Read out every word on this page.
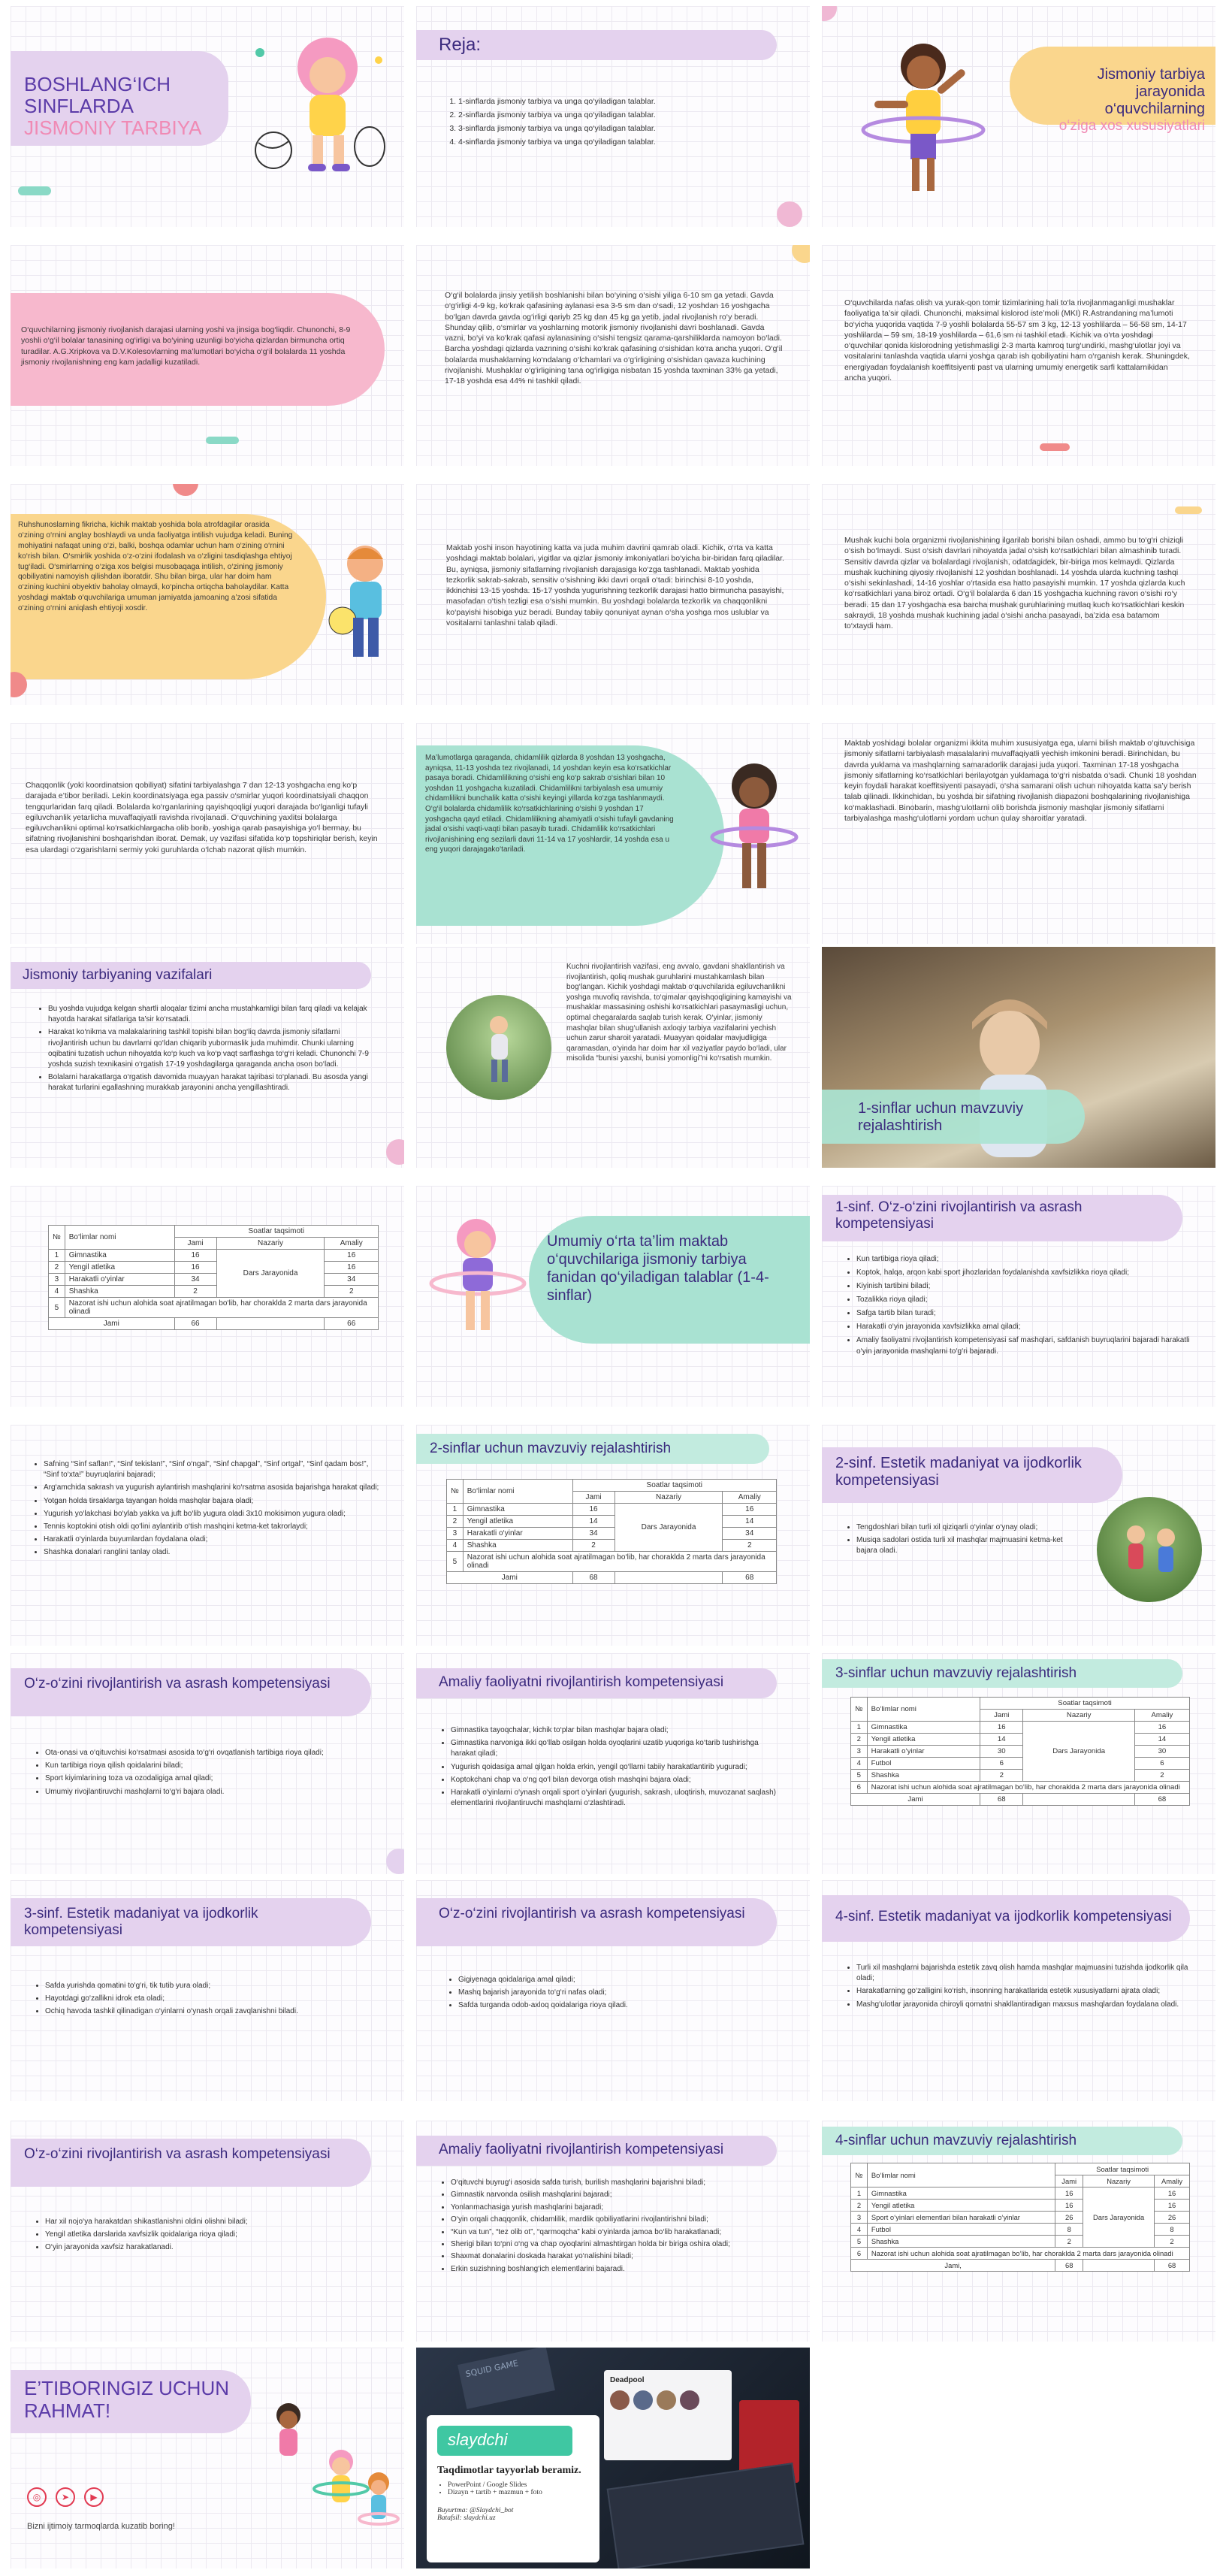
BOSHLANG‘ICH SINFLARDA
JISMONIY TARBIYA
Reja:
1. 1-sinflarda jismoniy tarbiya va unga qo‘yiladigan talablar.
2. 2-sinflarda jismoniy tarbiya va unga qo‘yiladigan talablar.
3. 3-sinflarda jismoniy tarbiya va unga qo‘yiladigan talablar.
4. 4-sinflarda jismoniy tarbiya va unga qo‘yiladigan talablar.
Jismoniy tarbiya jarayonida o‘quvchilarning
o‘ziga xos xususiyatlari
O‘quvchilarning jismoniy rivojlanish darajasi ularning yoshi va jinsiga bog‘liqdir. Chunonchi, 8-9 yoshli o‘g‘il bolalar tanasining og‘irligi va bo‘yining uzunligi bo‘yicha qizlardan birmuncha ortiq turadilar. A.G.Xripkova va D.V.Kolesovlarning ma’lumotlari bo‘yicha o‘g‘il bolalarda 11 yoshda jismoniy rivojlanishning eng kam jadalligi kuzatiladi.
O‘g‘il bolalarda jinsiy yetilish boshlanishi bilan bo‘yining o‘sishi yiliga 6-10 sm ga yetadi. Gavda o‘g‘irligi 4-9 kg, ko‘krak qafasining aylanasi esa 3-5 sm dan o‘sadi, 12 yoshdan 16 yoshgacha bo‘lgan davrda gavda og‘irligi qariyb 25 kg dan 45 kg ga yetib, jadal rivojlanish ro‘y beradi. Shunday qilib, o‘smirlar va yoshlarning motorik jismoniy rivojlanishi davri boshlanadi. Gavda vazni, bo‘yi va ko‘krak qafasi aylanasining o‘sishi tengsiz qarama-qarshiliklarda namoyon bo‘ladi. Barcha yoshdagi qizlarda vaznning o‘sishi ko‘krak qafasining o‘sishidan ko‘ra ancha yuqori. O‘g‘il bolalarda mushaklarning ko‘ndalang o‘lchamlari va o‘g‘irligining o‘sishidan qavaza kuchining rivojlanishi. Mushaklar o‘g‘irligining tana og‘irligiga nisbatan 15 yoshda taxminan 33% ga yetadi, 17-18 yoshda esa 44% ni tashkil qiladi.
O‘quvchilarda nafas olish va yurak-qon tomir tizimlarining hali to‘la rivojlanmaganligi mushaklar faoliyatiga ta’sir qiladi. Chunonchi, maksimal kislorod iste’moli (MKI) R.Astrandaning ma’lumoti bo‘yicha yuqorida vaqtida 7-9 yoshli bolalarda 55-57 sm 3 kg, 12-13 yoshlilarda – 56-58 sm, 14-17 yoshlilarda – 59 sm, 18-19 yoshlilarda – 61,6 sm ni tashkil etadi. Kichik va o‘rta yoshdagi o‘quvchilar qonida kislorodning yetishmasligi 2-3 marta kamroq turg‘undirki, mashg‘ulotlar joyi va vositalarini tanlashda vaqtida ularni yoshga qarab ish qobiliyatini ham o‘rganish kerak. Shuningdek, energiyadan foydalanish koeffitsiyenti past va ularning umumiy energetik sarfi kattalarnikidan ancha yuqori.
Ruhshunoslarning fikricha, kichik maktab yoshida bola atrofdagilar orasida o‘zining o‘rnini anglay boshlaydi va unda faoliyatga intilish vujudga keladi. Buning mohiyatini nafaqat uning o‘zi, balki, boshqa odamlar uchun ham o‘zining o‘rnini ko‘rish bilan. O‘smirlik yoshida o‘z-o‘zini ifodalash va o‘zligini tasdiqlashga ehtiyoj tug‘iladi. O‘smirlarning o‘ziga xos belgisi musobaqaga intilish, o‘zining jismoniy qobiliyatini namoyish qilishdan iboratdir. Shu bilan birga, ular har doim ham o‘zining kuchini obyektiv baholay olmaydi, ko‘pincha ortiqcha baholaydilar. Katta yoshdagi maktab o‘quvchilariga umuman jamiyatda jamoaning a’zosi sifatida o‘zining o‘rnini aniqlash ehtiyoji xosdir.
Maktab yoshi inson hayotining katta va juda muhim davrini qamrab oladi. Kichik, o‘rta va katta yoshdagi maktab bolalari, yigitlar va qizlar jismoniy imkoniyatlari bo‘yicha bir-biridan farq qiladilar. Bu, ayniqsa, jismoniy sifatlarning rivojlanish darajasiga ko‘zga tashlanadi. Maktab yoshida tezkorlik sakrab-sakrab, sensitiv o‘sishning ikki davri orqali o‘tadi: birinchisi 8-10 yoshda, ikkinchisi 13-15 yoshda. 15-17 yoshda yugurishning tezkorlik darajasi hatto birmuncha pasayishi, masofadan o‘tish tezligi esa o‘sishi mumkin. Bu yoshdagi bolalarda tezkorlik va chaqqonlikni ko‘payishi hisobiga yuz beradi. Bunday tabiiy qonuniyat aynan o‘sha yoshga mos uslublar va vositalarni tanlashni talab qiladi.
Mushak kuchi bola organizmi rivojlanishining ilgarilab borishi bilan oshadi, ammo bu to‘g‘ri chiziqli o‘sish bo‘lmaydi. Sust o‘sish davrlari nihoyatda jadal o‘sish ko‘rsatkichlari bilan almashinib turadi. Sensitiv davrda qizlar va bolalardagi rivojlanish, odatdagidek, bir-biriga mos kelmaydi. Qizlarda mushak kuchining qiyosiy rivojlanishi 12 yoshdan boshlanadi. 14 yoshda ularda kuchning tashqi o‘sishi sekinlashadi, 14-16 yoshlar o‘rtasida esa hatto pasayishi mumkin. 17 yoshda qizlarda kuch ko‘rsatkichlari yana biroz ortadi. O‘g‘il bolalarda 6 dan 15 yoshgacha kuchning ravon o‘sishi ro‘y beradi. 15 dan 17 yoshgacha esa barcha mushak guruhlarining mutlaq kuch ko‘rsatkichlari keskin sakraydi, 18 yoshda mushak kuchining jadal o‘sishi ancha pasayadi, ba’zida esa batamom to‘xtaydi ham.
Chaqqonlik (yoki koordinatsion qobiliyat) sifatini tarbiyalashga 7 dan 12-13 yoshgacha eng ko‘p darajada e’tibor beriladi. Lekin koordinatsiyaga ega passiv o‘smirlar yuqori koordinatsiyali chaqqon tengqurlaridan farq qiladi. Bolalarda ko‘rganlarining qayishqoqligi yuqori darajada bo‘lganligi tufayli egiluvchanlik yetarlicha muvaffaqiyatli ravishda rivojlanadi. O‘quvchining yaxlitsi bolalarga egiluvchanlikni optimal ko‘rsatkichlargacha olib borib, yoshiga qarab pasayishiga yo‘l bermay, bu sifatning rivojlanishini boshqarishdan iborat. Demak, uy vazifasi sifatida ko‘p topshiriqlar berish, keyin esa ulardagi o‘zgarishlarni sermiy yoki guruhlarda o‘lchab nazorat qilish mumkin.
Ma’lumotlarga qaraganda, chidamlilik qizlarda 8 yoshdan 13 yoshgacha, ayniqsa, 11-13 yoshda tez rivojlanadi, 14 yoshdan keyin esa ko‘rsatkichlar pasaya boradi. Chidamlilikning o‘sishi eng ko‘p sakrab o‘sishlari bilan 10 yoshdan 11 yoshgacha kuzatiladi. Chidamlilikni tarbiyalash esa umumiy chidamlilikni bunchalik katta o‘sishi keyingi yillarda ko‘zga tashlanmaydi. O‘g‘il bolalarda chidamlilik ko‘rsatkichlarining o‘sishi 9 yoshdan 17 yoshgacha qayd etiladi. Chidamlilikning ahamiyatli o‘sishi tufayli gavdaning jadal o‘sishi vaqti-vaqti bilan pasayib turadi. Chidamlilik ko‘rsatkichlari rivojlanishining eng sezilarli davri 11-14 va 17 yoshlardir, 14 yoshda esa u eng yuqori darajagako‘tariladi.
Maktab yoshidagi bolalar organizmi ikkita muhim xususiyatga ega, ularni bilish maktab o‘qituvchisiga jismoniy sifatlarni tarbiyalash masalalarini muvaffaqiyatli yechish imkonini beradi. Birinchidan, bu davrda yuklama va mashqlarning samaradorlik darajasi juda yuqori. Taxminan 17-18 yoshgacha jismoniy sifatlarning ko‘rsatkichlari berilayotgan yuklamaga to‘g‘ri nisbatda o‘sadi. Chunki 18 yoshdan keyin foydali harakat koeffitsiyenti pasayadi, o‘sha samarani olish uchun nihoyatda katta sa’y berish talab qilinadi. Ikkinchidan, bu yoshda bir sifatning rivojlanish diapazoni boshqalarining rivojlanishiga ko‘maklashadi. Binobarin, mashg‘ulotlarni olib borishda jismoniy mashqlar jismoniy sifatlarni tarbiyalashga mashg‘ulotlarni yordam uchun qulay sharoitlar yaratadi.
Jismoniy tarbiyaning vazifalari
• Bu yoshda vujudga kelgan shartli aloqalar tizimi ancha mustahkamligi bilan farq qiladi va kelajak hayotda harakat sifatlariga ta’sir ko‘rsatadi.
• Harakat ko‘nikma va malakalarining tashkil topishi bilan bog‘liq davrda jismoniy sifatlarni rivojlantirish uchun bu davrlarni qo‘ldan chiqarib yubormaslik juda muhimdir. Chunki ularning oqibatini tuzatish uchun nihoyatda ko‘p kuch va ko‘p vaqt sarflashga to‘g‘ri keladi. Chunonchi 7-9 yoshda suzish texnikasini o‘rgatish 17-19 yoshdagilarga qaraganda ancha oson bo‘ladi.
• Bolalarni harakatlarga o‘rgatish davomida muayyan harakat tajribasi to‘planadi. Bu asosda yangi harakat turlarini egallashning murakkab jarayonini ancha yengillashtiradi.
Kuchni rivojlantirish vazifasi, eng avvalo, gavdani shakllantirish va rivojlantirish, qoliq mushak guruhlarini mustahkamlash bilan bog‘langan. Kichik yoshdagi maktab o‘quvchilarida egiluvchanlikni yoshga muvofiq ravishda, to‘qimalar qayishqoqligining kamayishi va mushaklar massasining oshishi ko‘rsatkichlari pasaymasligi uchun, optimal chegaralarda saqlab turish kerak. O‘yinlar, jismoniy mashqlar bilan shug‘ullanish axloqiy tarbiya vazifalarini yechish uchun zarur sharoit yaratadi. Muayyan qoidalar mavjudligiga qaramasdan, o‘yinda har doim har xil vaziyatlar paydo bo‘ladi, ular misolida “bunisi yaxshi, bunisi yomonligi”ni ko‘rsatish mumkin.
1-sinflar uchun mavzuviy rejalashtirish
№	Bo‘limlar nomi	Soatlar taqsimoti		
		Jami	Nazariy	Amaliy
1	Gimnastika	16	Dars Jarayonida	16
2	Yengil atletika	16		16
3	Harakatli o‘yinlar	34		34
4	Shashka	2		2
5	Nazorat ishi uchun alohida soat ajratilmagan bo‘lib, har choraklda 2 marta dars jarayonida olinadi			
Jami		66		66
Umumiy o‘rta ta’lim maktab o‘quvchilariga jismoniy tarbiya fanidan qo‘yiladigan talablar (1-4-sinflar)
1-sinf. O‘z-o‘zini rivojlantirish va asrash kompetensiyasi
• Kun tartibiga rioya qiladi;
• Koptok, halqa, arqon kabi sport jihozlaridan foydalanishda xavfsizlikka rioya qiladi;
• Kiyinish tartibini biladi;
• Tozalikka rioya qiladi;
• Safga tartib bilan turadi;
• Harakatli o‘yin jarayonida xavfsizlikka amal qiladi;
• Amaliy faoliyatni rivojlantirish kompetensiyasi saf mashqlari, safdanish buyruqlarini bajaradi harakatli o‘yin jarayonida mashqlarni to‘g‘ri bajaradi.
• Safning “Sinf saflan!”, “Sinf tekislan!”, “Sinf o‘ngal”, “Sinf chapgal”, “Sinf ortgal”, “Sinf qadam bos!”, “Sinf to‘xta!” buyruqlarini bajaradi;
• Arg‘amchida sakrash va yugurish aylantirish mashqlarini ko‘rsatma asosida bajarishga harakat qiladi;
• Yotgan holda tirsaklarga tayangan holda mashqlar bajara oladi;
• Yugurish yo‘lakchasi bo‘ylab yakka va juft bo‘lib yugura oladi 3x10 mokisimon yugura oladi;
• Tennis koptokini otish oldi qo‘lini aylantirib o‘tish mashqini ketma-ket takrorlaydi;
• Harakatli o‘yinlarda buyumlardan foydalana oladi;
• Shashka donalari ranglini tanlay oladi.
2-sinflar uchun mavzuviy rejalashtirish
№	Bo‘limlar nomi	Soatlar taqsimoti		
		Jami	Nazariy	Amaliy
1	Gimnastika	16	Dars Jarayonida	16
2	Yengil atletika	14		14
3	Harakatli o‘yinlar	34		34
4	Shashka	2		2
5	Nazorat ishi uchun alohida soat ajratilmagan bo‘lib, har choraklda 2 marta dars jarayonida olinadi			
Jami		68		68
2-sinf. Estetik madaniyat va ijodkorlik kompetensiyasi
• Tengdoshlari bilan turli xil qiziqarli o‘yinlar o‘ynay oladi;
• Musiqa sadolari ostida turli xil mashqlar majmuasini ketma-ket bajara oladi.
O‘z-o‘zini rivojlantirish va asrash kompetensiyasi
• Ota-onasi va o‘qituvchisi ko‘rsatmasi asosida to‘g‘ri ovqatlanish tartibiga rioya qiladi;
• Kun tartibiga rioya qilish qoidalarini biladi;
• Sport kiyimlarining toza va ozodaligiga amal qiladi;
• Umumiy rivojlantiruvchi mashqlarni to‘g‘ri bajara oladi.
Amaliy faoliyatni rivojlantirish kompetensiyasi
• Gimnastika tayoqchalar, kichik to‘plar bilan mashqlar bajara oladi;
• Gimnastika narvoniga ikki qo‘llab osilgan holda oyoqlarini uzatib yuqoriga ko‘tarib tushirishga harakat qiladi;
• Yugurish qoidasiga amal qilgan holda erkin, yengil qo‘llarni tabiiy harakatlantirib yuguradi;
• Koptokchani chap va o‘ng qo‘l bilan devorga otish mashqini bajara oladi;
• Harakatli o‘yinlarni o‘ynash orqali sport o‘yinlari (yugurish, sakrash, uloqtirish, muvozanat saqlash) elementlarini rivojlantiruvchi mashqlarni o‘zlashtiradi.
3-sinflar uchun mavzuviy rejalashtirish
№	Bo‘limlar nomi	Soatlar taqsimoti		
		Jami	Nazariy	Amaliy
1	Gimnastika	16	Dars Jarayonida	16
2	Yengil atletika	14		14
3	Harakatli o‘yinlar	30		30
4	Futbol	6		6
5	Shashka	2		2
6	Nazorat ishi uchun alohida soat ajratilmagan bo‘lib, har choraklda 2 marta dars jarayonida olinadi			
Jami		68		68
3-sinf. Estetik madaniyat va ijodkorlik kompetensiyasi
• Safda yurishda qomatini to‘g‘ri, tik tutib yura oladi;
• Hayotdagi go‘zallikni idrok eta oladi;
• Ochiq havoda tashkil qilinadigan o‘yinlarni o‘ynash orqali zavqlanishni biladi.
O‘z-o‘zini rivojlantirish va asrash kompetensiyasi
• Gigiyenaga qoidalariga amal qiladi;
• Mashq bajarish jarayonida to‘g‘ri nafas oladi;
• Safda turganda odob-axloq qoidalariga rioya qiladi.
4-sinf. Estetik madaniyat va ijodkorlik kompetensiyasi
• Turli xil mashqlarni bajarishda estetik zavq olish hamda mashqlar majmuasini tuzishda ijodkorlik qila oladi;
• Harakatlarning go‘zalligini ko‘rish, insonning harakatlarida estetik xususiyatlarni ajrata oladi;
• Mashg‘ulotlar jarayonida chiroyli qomatni shakllantiradigan maxsus mashqlardan foydalana oladi.
O‘z-o‘zini rivojlantirish va asrash kompetensiyasi
• Har xil nojo‘ya harakatdan shikastlanishni oldini olishni biladi;
• Yengil atletika darslarida xavfsizlik qoidalariga rioya qiladi;
• O‘yin jarayonida xavfsiz harakatlanadi.
Amaliy faoliyatni rivojlantirish kompetensiyasi
• O‘qituvchi buyrug‘i asosida safda turish, burilish mashqlarini bajarishni biladi;
• Gimnastik narvonda osilish mashqlarini bajaradi;
• Yonlanmachasiga yurish mashqlarini bajaradi;
• O‘yin orqali chaqqonlik, chidamlilik, mardlik qobiliyatlarini rivojlantirishni biladi;
• “Kun va tun”, “tez olib ot”, “qarmoqcha” kabi o‘yinlarda jamoa bo‘lib harakatlanadi;
• Sherigi bilan to‘pni o‘ng va chap oyoqlarini almashtirgan holda bir biriga oshira oladi;
• Shaxmat donalarini doskada harakat yo‘nalishini biladi;
• Erkin suzishning boshlang‘ich elementlarini bajaradi.
4-sinflar uchun mavzuviy rejalashtirish
№	Bo‘limlar nomi	Soatlar taqsimoti		
		Jami	Nazariy	Amaliy
1	Gimnastika	16	Dars Jarayonida	16
2	Yengil atletika	16		16
3	Sport o‘yinlari elementlari bilan harakatli o‘yinlar	26		26
4	Futbol	8		8
5	Shashka	2		2
6	Nazorat ishi uchun alohida soat ajratilmagan bo‘lib, har choraklda 2 marta dars jarayonida olinadi			
Jami,		68		68
E’TIBORINGIZ UCHUN RAHMAT!
◎ ➤ ▶
Bizni ijtimoiy tarmoqlarda kuzatib boring!
SQUID GAME
Deadpool
slaydchi
Taqdimotlar tayyorlab beramiz.
• PowerPoint / Google Slides
• Dizayn + tartib + mazmun + foto
Buyurtma: @Slaydchi_bot
Batafsil: slaydchi.uz
